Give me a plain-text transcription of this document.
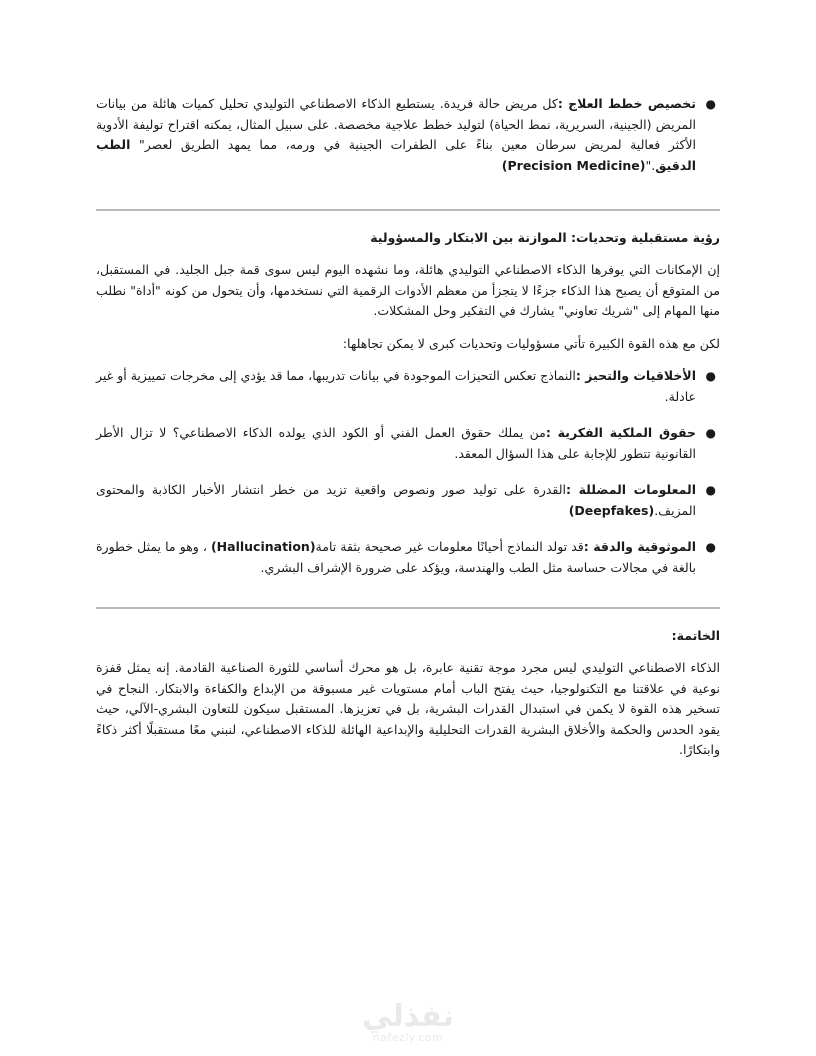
●
تخصيص خطط العلاج :كل مريض حالة فريدة. يستطيع الذكاء الاصطناعي التوليدي تحليل كميات هائلة من بيانات المريض (الجينية، السريرية، نمط الحياة) لتوليد خطط علاجية مخصصة. على سبيل المثال، يمكنه اقتراح توليفة الأدوية الأكثر فعالية لمريض سرطان معين بناءً على الطفرات الجينية في ورمه، مما يمهد الطريق لعصر" الطب الدقيق."(Precision Medicine)
رؤية مستقبلية وتحديات: الموازنة بين الابتكار والمسؤولية

إن الإمكانات التي يوفرها الذكاء الاصطناعي التوليدي هائلة، وما نشهده اليوم ليس سوى قمة جبل الجليد. في المستقبل، من المتوقع أن يصبح هذا الذكاء جزءًا لا يتجزأ من معظم الأدوات الرقمية التي نستخدمها، وأن يتحول من كونه "أداة" نطلب منها المهام إلى "شريك تعاوني" يشارك في التفكير وحل المشكلات.

لكن مع هذه القوة الكبيرة تأتي مسؤوليات وتحديات كبرى لا يمكن تجاهلها:

●
الأخلاقيات والتحيز :النماذج تعكس التحيزات الموجودة في بيانات تدريبها، مما قد يؤدي إلى مخرجات تمييزية أو غير عادلة.
●
حقوق الملكية الفكرية :من يملك حقوق العمل الفني أو الكود الذي يولده الذكاء الاصطناعي؟ لا تزال الأطر القانونية تتطور للإجابة على هذا السؤال المعقد.
●
المعلومات المضللة :القدرة على توليد صور ونصوص واقعية تزيد من خطر انتشار الأخبار الكاذبة والمحتوى المزيف.(Deepfakes)
●
الموثوقية والدقة :قد تولد النماذج أحيانًا معلومات غير صحيحة بثقة تامة(Hallucination) ، وهو ما يمثل خطورة بالغة في مجالات حساسة مثل الطب والهندسة، ويؤكد على ضرورة الإشراف البشري.
الخاتمة:

الذكاء الاصطناعي التوليدي ليس مجرد موجة تقنية عابرة، بل هو محرك أساسي للثورة الصناعية القادمة. إنه يمثل قفزة نوعية في علاقتنا مع التكنولوجيا، حيث يفتح الباب أمام مستويات غير مسبوقة من الإبداع والكفاءة والابتكار. النجاح في تسخير هذه القوة لا يكمن في استبدال القدرات البشرية، بل في تعزيزها. المستقبل سيكون للتعاون البشري-الآلي، حيث يقود الحدس والحكمة والأخلاق البشرية القدرات التحليلية والإبداعية الهائلة للذكاء الاصطناعي، لنبني معًا مستقبلًا أكثر ذكاءً وابتكارًا.

نفذلي
nafezly.com
